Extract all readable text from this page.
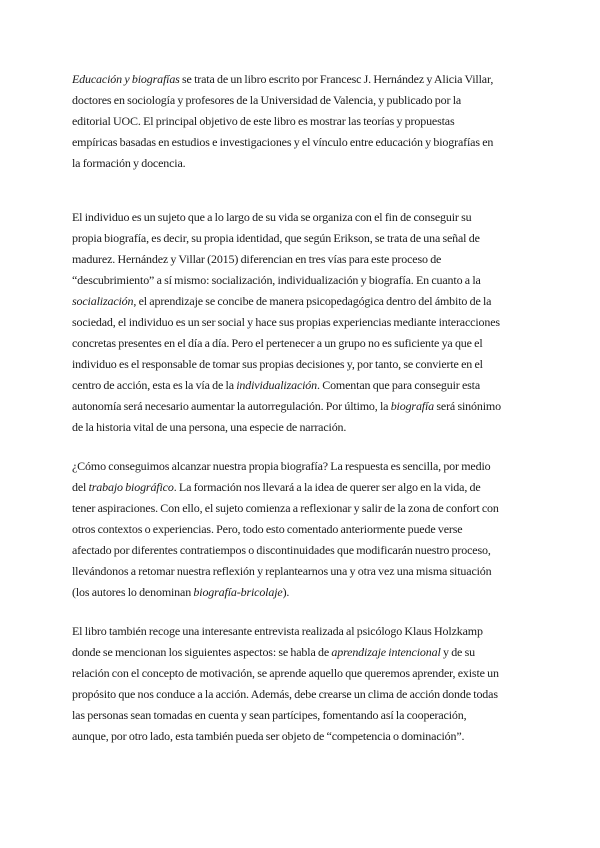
Educación y biografías se trata de un libro escrito por Francesc J. Hernández y Alicia Villar,
doctores en sociología y profesores de la Universidad de Valencia, y publicado por la
editorial UOC. El principal objetivo de este libro es mostrar las teorías y propuestas
empíricas basadas en estudios e investigaciones y el vínculo entre educación y biografías en
la formación y docencia.
El individuo es un sujeto que a lo largo de su vida se organiza con el fin de conseguir su
propia biografía, es decir, su propia identidad, que según Erikson, se trata de una señal de
madurez. Hernández y Villar (2015) diferencian en tres vías para este proceso de
“descubrimiento” a sí mismo: socialización, individualización y biografía. En cuanto a la
socialización, el aprendizaje se concibe de manera psicopedagógica dentro del ámbito de la
sociedad, el individuo es un ser social y hace sus propias experiencias mediante interacciones
concretas presentes en el día a día. Pero el pertenecer a un grupo no es suficiente ya que el
individuo es el responsable de tomar sus propias decisiones y, por tanto, se convierte en el
centro de acción, esta es la vía de la individualización. Comentan que para conseguir esta
autonomía será necesario aumentar la autorregulación. Por último, la biografía será sinónimo
de la historia vital de una persona, una especie de narración.
¿Cómo conseguimos alcanzar nuestra propia biografía? La respuesta es sencilla, por medio
del trabajo biográfico. La formación nos llevará a la idea de querer ser algo en la vida, de
tener aspiraciones. Con ello, el sujeto comienza a reflexionar y salir de la zona de confort con
otros contextos o experiencias. Pero, todo esto comentado anteriormente puede verse
afectado por diferentes contratiempos o discontinuidades que modificarán nuestro proceso,
llevándonos a retomar nuestra reflexión y replantearnos una y otra vez una misma situación
(los autores lo denominan biografía-bricolaje).
El libro también recoge una interesante entrevista realizada al psicólogo Klaus Holzkamp
donde se mencionan los siguientes aspectos: se habla de aprendizaje intencional y de su
relación con el concepto de motivación, se aprende aquello que queremos aprender, existe un
propósito que nos conduce a la acción. Además, debe crearse un clima de acción donde todas
las personas sean tomadas en cuenta y sean partícipes, fomentando así la cooperación,
aunque, por otro lado, esta también pueda ser objeto de “competencia o dominación”.
